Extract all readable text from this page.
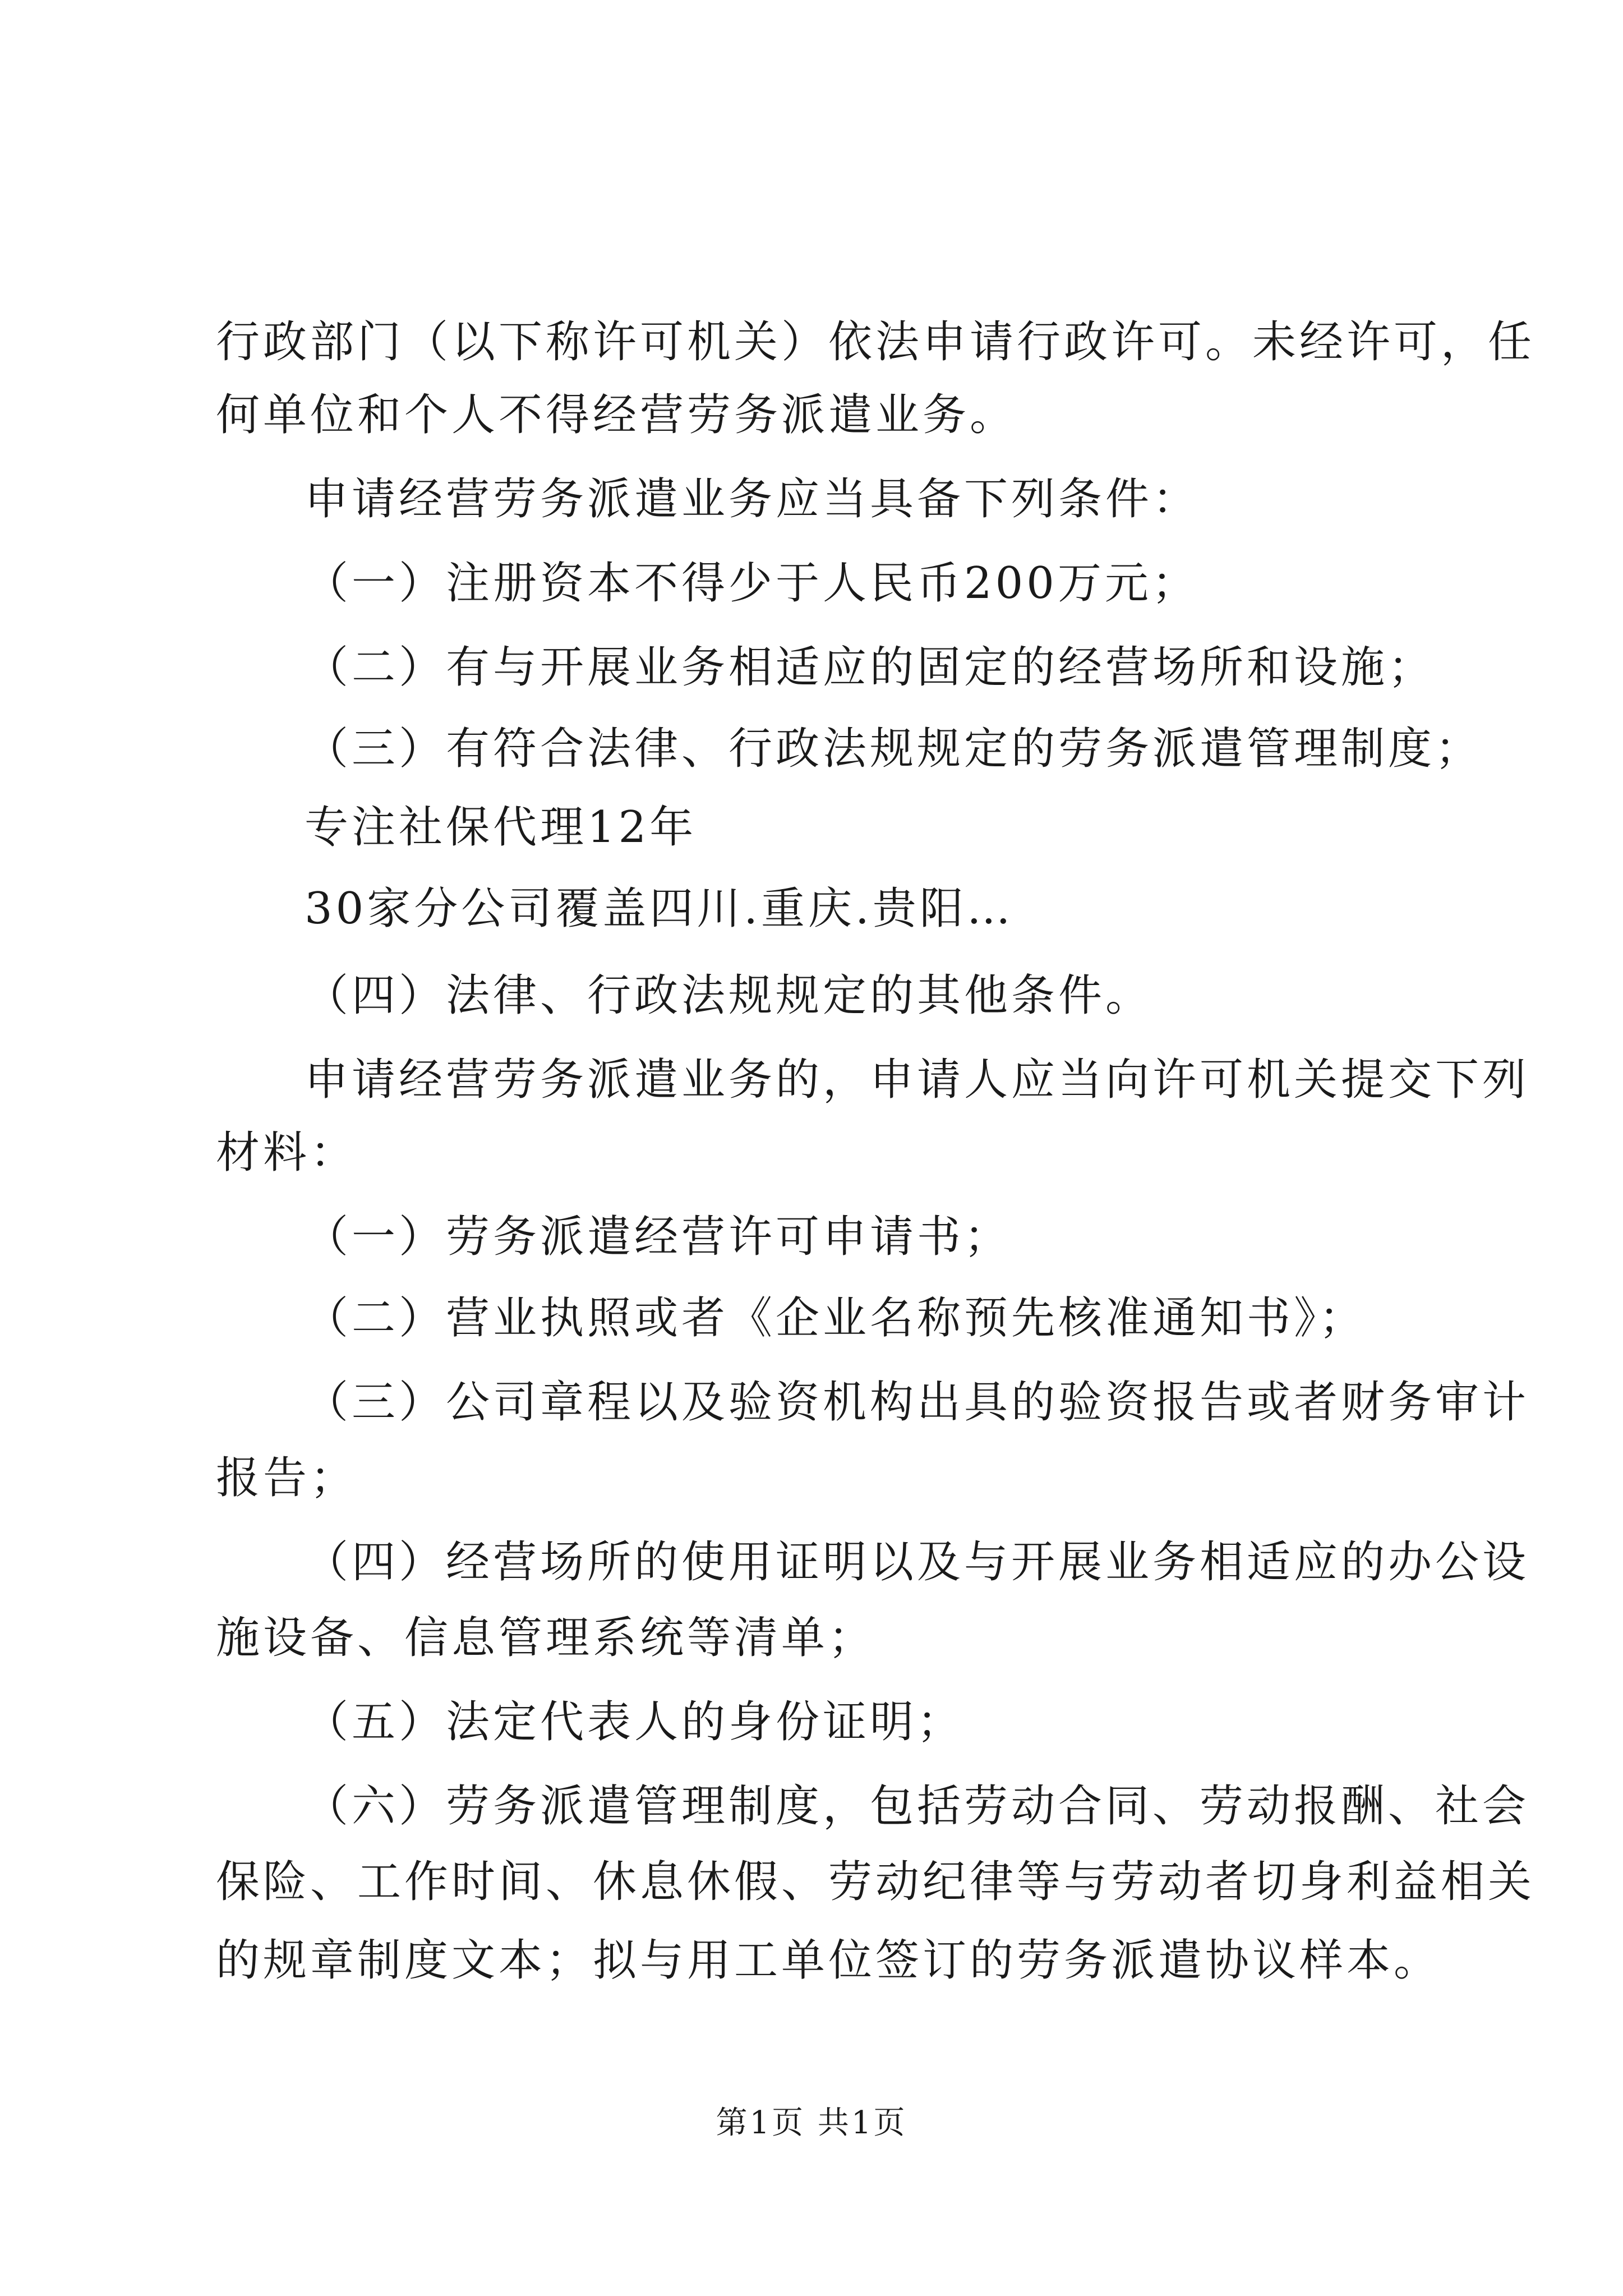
行政部门（以下称许可机关）依法申请行政许可。未经许可，任
何单位和个人不得经营劳务派遣业务。
申请经营劳务派遣业务应当具备下列条件：
（一）注册资本不得少于人民币200万元；
（二）有与开展业务相适应的固定的经营场所和设施；
（三）有符合法律、行政法规规定的劳务派遣管理制度；
专注社保代理12年
30家分公司覆盖四川.重庆.贵阳…
（四）法律、行政法规规定的其他条件。
申请经营劳务派遣业务的，申请人应当向许可机关提交下列
材料：
（一）劳务派遣经营许可申请书；
（二）营业执照或者《企业名称预先核准通知书》；
（三）公司章程以及验资机构出具的验资报告或者财务审计
报告；
（四）经营场所的使用证明以及与开展业务相适应的办公设
施设备、信息管理系统等清单；
（五）法定代表人的身份证明；
（六）劳务派遣管理制度，包括劳动合同、劳动报酬、社会
保险、工作时间、休息休假、劳动纪律等与劳动者切身利益相关
的规章制度文本；拟与用工单位签订的劳务派遣协议样本。
第1页 共1页
